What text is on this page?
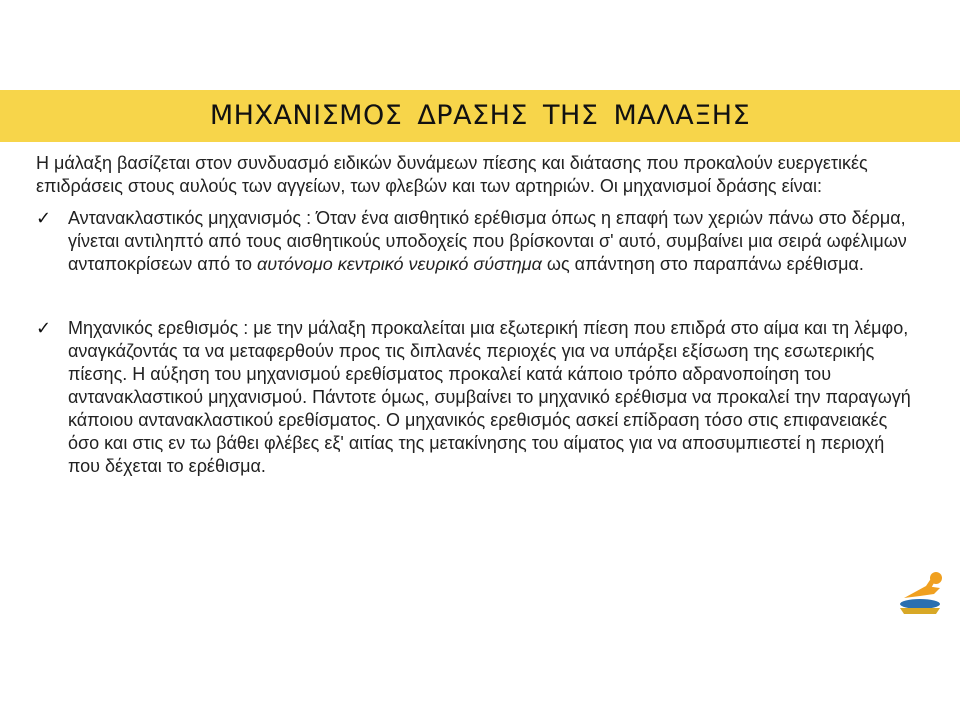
ΜΗΧΑΝΙΣΜΟΣ ΔΡΑΣΗΣ ΤΗΣ ΜΑΛΑΞΗΣ

Η μάλαξη βασίζεται στον συνδυασμό ειδικών δυνάμεων πίεσης και διάτασης που προκαλούν ευεργετικές επιδράσεις στους αυλούς των αγγείων, των φλεβών και των αρτηριών. Οι μηχανισμοί δράσης είναι:

✓ Αντανακλαστικός μηχανισμός : Όταν ένα αισθητικό ερέθισμα όπως η επαφή των χεριών πάνω στο δέρμα, γίνεται αντιληπτό από τους αισθητικούς υποδοχείς που βρίσκονται σ' αυτό, συμβαίνει μια σειρά ωφέλιμων ανταποκρίσεων από το αυτόνομο κεντρικό νευρικό σύστημα ως απάντηση στο παραπάνω ερέθισμα.

✓ Μηχανικός ερεθισμός : με την μάλαξη προκαλείται μια εξωτερική πίεση που επιδρά στο αίμα και τη λέμφο, αναγκάζοντάς τα να μεταφερθούν προς τις διπλανές περιοχές για να υπάρξει εξίσωση της εσωτερικής πίεσης. Η αύξηση του μηχανισμού ερεθίσματος προκαλεί κατά κάποιο τρόπο αδρανοποίηση του αντανακλαστικού μηχανισμού. Πάντοτε όμως, συμβαίνει το μηχανικό ερέθισμα να προκαλεί την παραγωγή κάποιου αντανακλαστικού ερεθίσματος. Ο μηχανικός ερεθισμός ασκεί επίδραση τόσο στις επιφανειακές όσο και στις εν τω βάθει φλέβες εξ' αιτίας της μετακίνησης του αίματος για να αποσυμπιεστεί η περιοχή που δέχεται το ερέθισμα.
